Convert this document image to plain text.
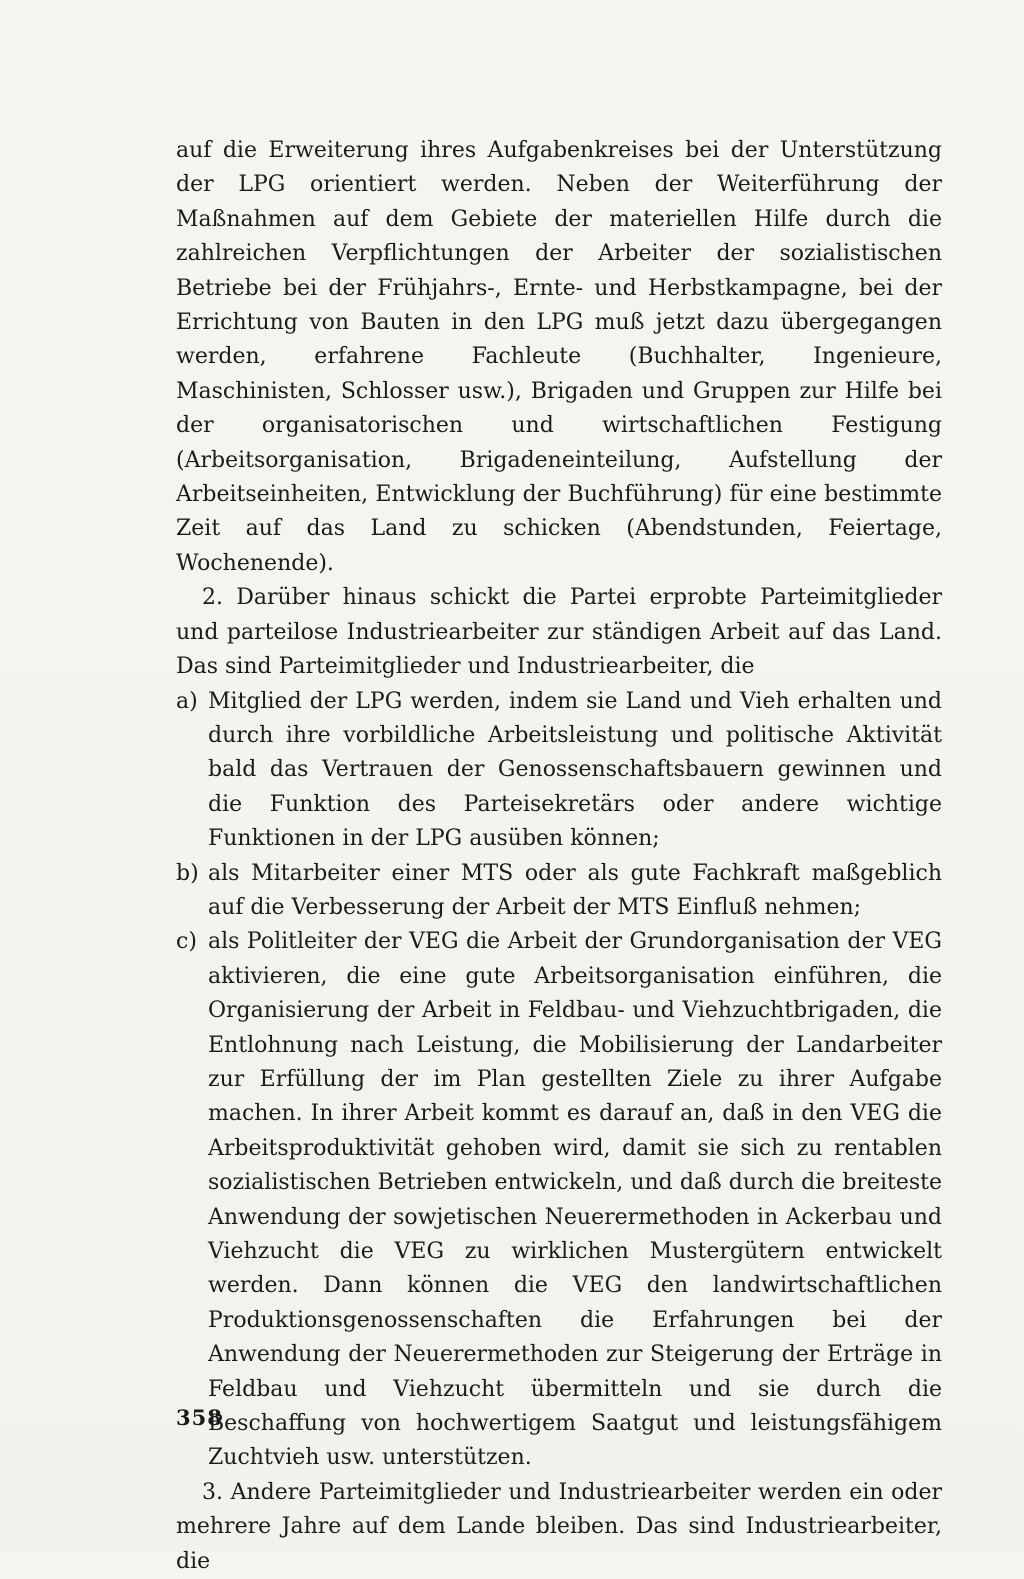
auf die Erweiterung ihres Aufgabenkreises bei der Unterstützung der LPG orientiert werden. Neben der Weiterführung der Maßnahmen auf dem Gebiete der materiellen Hilfe durch die zahlreichen Verpflichtungen der Arbeiter der sozialistischen Betriebe bei der Frühjahrs-, Ernte- und Herbstkampagne, bei der Errichtung von Bauten in den LPG muß jetzt dazu übergegangen werden, erfahrene Fachleute (Buchhalter, Ingenieure, Maschinisten, Schlosser usw.), Brigaden und Gruppen zur Hilfe bei der organisatorischen und wirtschaftlichen Festigung (Arbeitsorganisation, Brigadeneinteilung, Aufstellung der Arbeitseinheiten, Entwicklung der Buchführung) für eine bestimmte Zeit auf das Land zu schicken (Abendstunden, Feiertage, Wochenende).

2. Darüber hinaus schickt die Partei erprobte Parteimitglieder und parteilose Industriearbeiter zur ständigen Arbeit auf das Land. Das sind Parteimitglieder und Industriearbeiter, die

a) Mitglied der LPG werden, indem sie Land und Vieh erhalten und durch ihre vorbildliche Arbeitsleistung und politische Aktivität bald das Vertrauen der Genossenschaftsbauern gewinnen und die Funktion des Parteisekretärs oder andere wichtige Funktionen in der LPG ausüben können;
b) als Mitarbeiter einer MTS oder als gute Fachkraft maßgeblich auf die Verbesserung der Arbeit der MTS Einfluß nehmen;
c) als Politleiter der VEG die Arbeit der Grundorganisation der VEG aktivieren, die eine gute Arbeitsorganisation einführen, die Organisierung der Arbeit in Feldbau- und Viehzuchtbrigaden, die Entlohnung nach Leistung, die Mobilisierung der Landarbeiter zur Erfüllung der im Plan gestellten Ziele zu ihrer Aufgabe machen. In ihrer Arbeit kommt es darauf an, daß in den VEG die Arbeitsproduktivität gehoben wird, damit sie sich zu rentablen sozialistischen Betrieben entwickeln, und daß durch die breiteste Anwendung der sowjetischen Neuerermethoden in Ackerbau und Viehzucht die VEG zu wirklichen Mustergütern entwickelt werden. Dann können die VEG den landwirtschaftlichen Produktionsgenossenschaften die Erfahrungen bei der Anwendung der Neuerermethoden zur Steigerung der Erträge in Feldbau und Viehzucht übermitteln und sie durch die Beschaffung von hochwertigem Saatgut und leistungsfähigem Zuchtvieh usw. unterstützen.

3. Andere Parteimitglieder und Industriearbeiter werden ein oder mehrere Jahre auf dem Lande bleiben. Das sind Industriearbeiter, die

358
